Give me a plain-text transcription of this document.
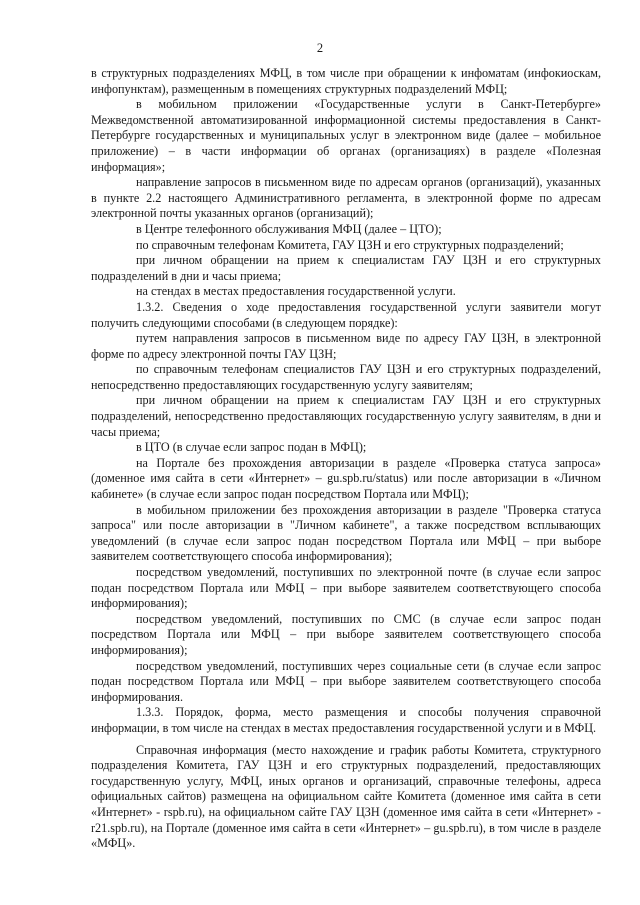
2

в структурных подразделениях МФЦ, в том числе при обращении к инфоматам (инфокиоскам, инфопунктам), размещенным в помещениях структурных подразделений МФЦ;

в мобильном приложении «Государственные услуги в Санкт-Петербурге» Межведомственной автоматизированной информационной системы предоставления в Санкт-Петербурге государственных и муниципальных услуг в электронном виде (далее – мобильное приложение) – в части информации об органах (организациях) в разделе «Полезная информация»;

направление запросов в письменном виде по адресам органов (организаций), указанных в пункте 2.2 настоящего Административного регламента, в электронной форме по адресам электронной почты указанных органов (организаций);

в Центре телефонного обслуживания МФЦ (далее – ЦТО);

по справочным телефонам Комитета, ГАУ ЦЗН и его структурных подразделений;

при личном обращении на прием к специалистам ГАУ ЦЗН и его структурных подразделений в дни и часы приема;

на стендах в местах предоставления государственной услуги.

1.3.2. Сведения о ходе предоставления государственной услуги заявители могут получить следующими способами (в следующем порядке):

путем направления запросов в письменном виде по адресу ГАУ ЦЗН, в электронной форме по адресу электронной почты ГАУ ЦЗН;

по справочным телефонам специалистов ГАУ ЦЗН и его структурных подразделений, непосредственно предоставляющих государственную услугу заявителям;

при личном обращении на прием к специалистам ГАУ ЦЗН и его структурных подразделений, непосредственно предоставляющих государственную услугу заявителям, в дни и часы приема;

в ЦТО (в случае если запрос подан в МФЦ);

на Портале без прохождения авторизации в разделе «Проверка статуса запроса» (доменное имя сайта в сети «Интернет» – gu.spb.ru/status) или после авторизации в «Личном кабинете» (в случае если запрос подан посредством Портала или МФЦ);

в мобильном приложении без прохождения авторизации в разделе "Проверка статуса запроса" или после авторизации в "Личном кабинете", а также посредством всплывающих уведомлений (в случае если запрос подан посредством Портала или МФЦ – при выборе заявителем соответствующего способа информирования);

посредством уведомлений, поступивших по электронной почте (в случае если запрос подан посредством Портала или МФЦ – при выборе заявителем соответствующего способа информирования);

посредством уведомлений, поступивших по СМС (в случае если запрос подан посредством Портала или МФЦ – при выборе заявителем соответствующего способа информирования);

посредством уведомлений, поступивших через социальные сети (в случае если запрос подан посредством Портала или МФЦ – при выборе заявителем соответствующего способа информирования.

1.3.3. Порядок, форма, место размещения и способы получения справочной информации, в том числе на стендах в местах предоставления государственной услуги и в МФЦ.

Справочная информация (место нахождение и график работы Комитета, структурного подразделения Комитета, ГАУ ЦЗН и его структурных подразделений, предоставляющих государственную услугу, МФЦ, иных органов и организаций, справочные телефоны, адреса официальных сайтов) размещена на официальном сайте Комитета (доменное имя сайта в сети «Интернет» - rspb.ru), на официальном сайте ГАУ ЦЗН (доменное имя сайта в сети «Интернет» - r21.spb.ru), на Портале (доменное имя сайта в сети «Интернет» – gu.spb.ru), в том числе в разделе «МФЦ».
